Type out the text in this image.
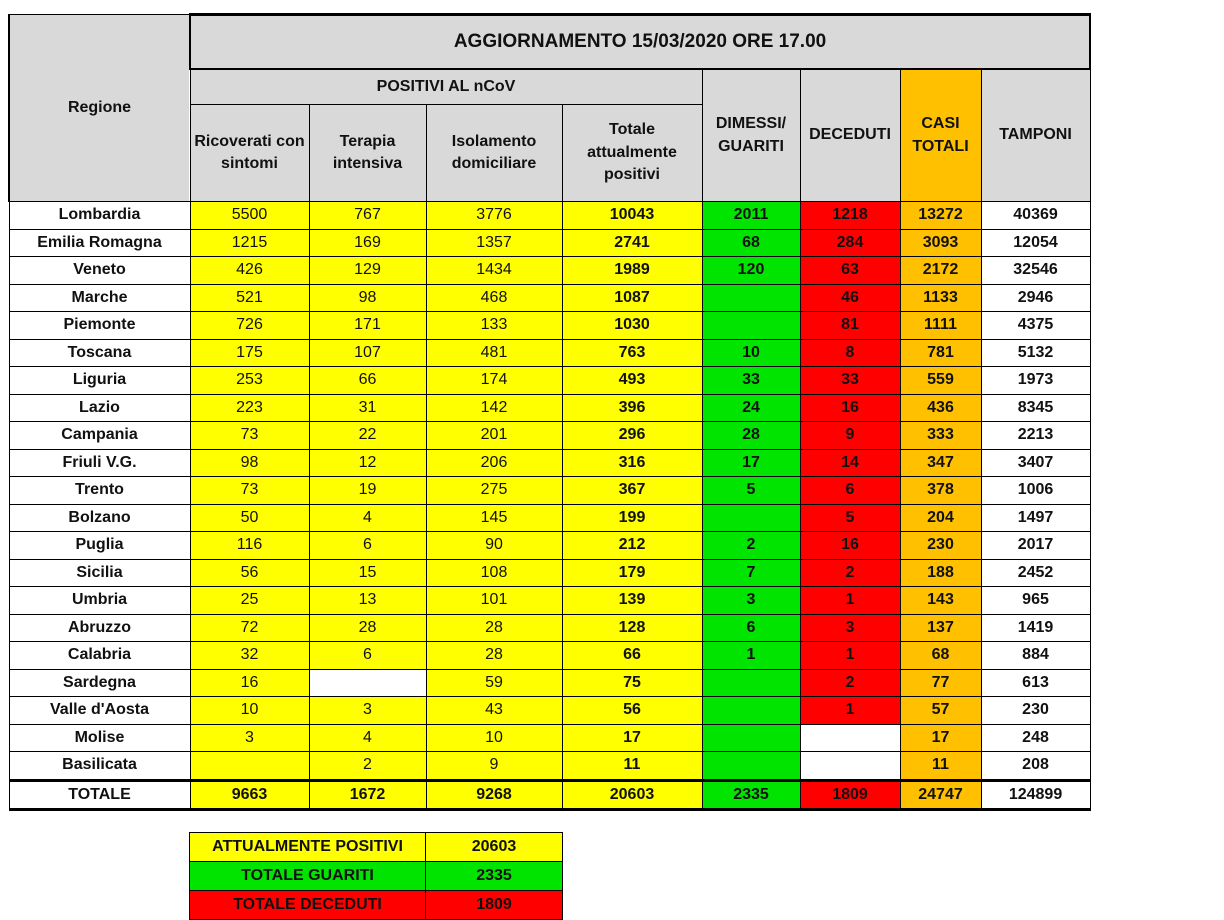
Regione	AGGIORNAMENTO 15/03/2020 ORE 17.00							
	POSITIVI AL nCoV				DIMESSI/ GUARITI	DECEDUTI	CASI TOTALI	TAMPONI
	Ricoverati con sintomi	Terapia intensiva	Isolamento domiciliare	Totale attualmente positivi				
Lombardia	5500	767	3776	10043	2011	1218	13272	40369
Emilia Romagna	1215	169	1357	2741	68	284	3093	12054
Veneto	426	129	1434	1989	120	63	2172	32546
Marche	521	98	468	1087		46	1133	2946
Piemonte	726	171	133	1030		81	1111	4375
Toscana	175	107	481	763	10	8	781	5132
Liguria	253	66	174	493	33	33	559	1973
Lazio	223	31	142	396	24	16	436	8345
Campania	73	22	201	296	28	9	333	2213
Friuli V.G.	98	12	206	316	17	14	347	3407
Trento	73	19	275	367	5	6	378	1006
Bolzano	50	4	145	199		5	204	1497
Puglia	116	6	90	212	2	16	230	2017
Sicilia	56	15	108	179	7	2	188	2452
Umbria	25	13	101	139	3	1	143	965
Abruzzo	72	28	28	128	6	3	137	1419
Calabria	32	6	28	66	1	1	68	884
Sardegna	16		59	75		2	77	613
Valle d'Aosta	10	3	43	56		1	57	230
Molise	3	4	10	17			17	248
Basilicata		2	9	11			11	208
TOTALE	9663	1672	9268	20603	2335	1809	24747	124899
ATTUALMENTE POSITIVI	20603
TOTALE GUARITI	2335
TOTALE DECEDUTI	1809
